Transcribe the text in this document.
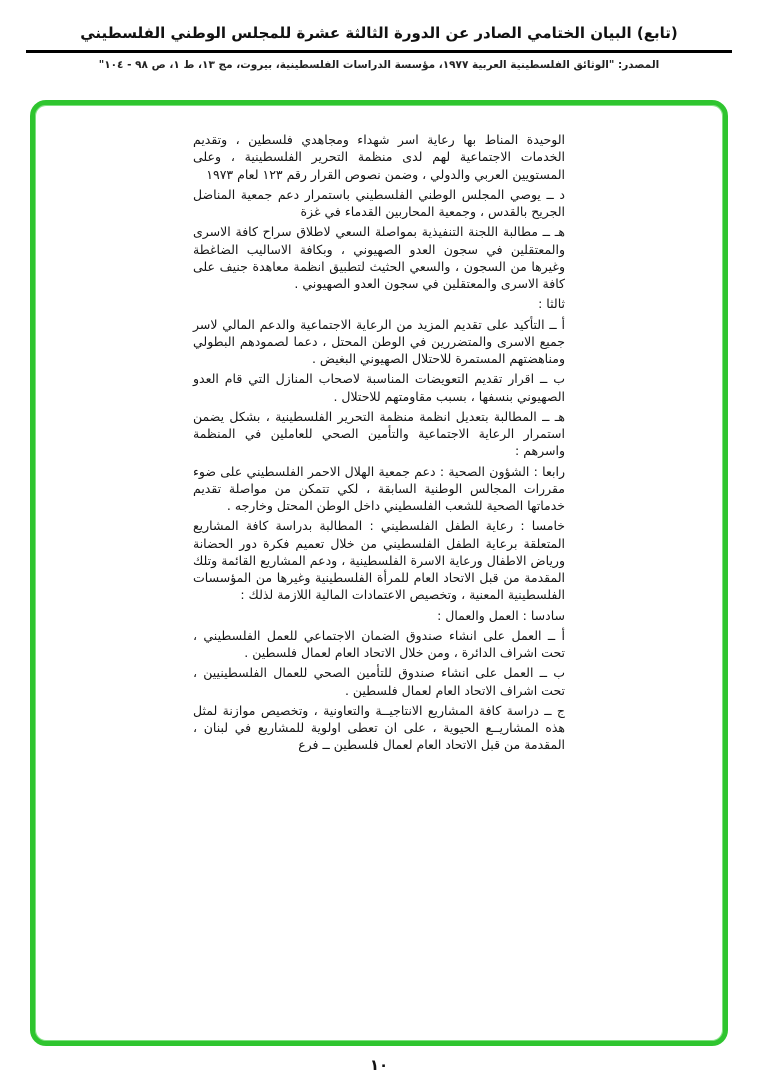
(تابع) البيان الختامي الصادر عن الدورة الثالثة عشرة للمجلس الوطني الفلسطيني
المصدر: "الوثائق الفلسطينية العربية ١٩٧٧، مؤسسة الدراسات الفلسطينية، بيروت، مج ١٣، ط ١، ص ٩٨ - ١٠٤"

الوحيدة المناط بها رعاية اسر شهداء ومجاهدي فلسطين ، وتقديم الخدمات الاجتماعية لهم لدى منظمة التحرير الفلسطينية ، وعلى المستويين العربي والدولي ، وضمن نصوص القرار رقم ١٢٣ لعام ١٩٧٣

د ــ يوصي المجلس الوطني الفلسطيني باستمرار دعم جمعية المناضل الجريح بالقدس ، وجمعية المحاربين القدماء في غزة

هـ ــ مطالبة اللجنة التنفيذية بمواصلة السعي لاطلاق سراح كافة الاسرى والمعتقلين في سجون العدو الصهيوني ، وبكافة الاساليب الضاغطة وغيرها من السجون ، والسعي الحثيث لتطبيق انظمة معاهدة جنيف على كافة الاسرى والمعتقلين في سجون العدو الصهيوني .

ثالثا :

أ ــ التأكيد على تقديم المزيد من الرعاية الاجتماعية والدعم المالي لاسر جميع الاسرى والمتضررين في الوطن المحتل ، دعما لصمودهم البطولي ومناهضتهم المستمرة للاحتلال الصهيوني البغيض .

ب ــ اقرار تقديم التعويضات المناسبة لاصحاب المنازل التي قام العدو الصهيوني بنسفها ، بسبب مقاومتهم للاحتلال .

هـ ــ المطالبة بتعديل انظمة منظمة التحرير الفلسطينية ، بشكل يضمن استمرار الرعاية الاجتماعية والتأمين الصحي للعاملين في المنظمة واسرهم :

رابعا : الشؤون الصحية : دعم جمعية الهلال الاحمر الفلسطيني على ضوء مقررات المجالس الوطنية السابقة ، لكي تتمكن من مواصلة تقديم خدماتها الصحية للشعب الفلسطيني داخل الوطن المحتل وخارجه .

خامسا : رعاية الطفل الفلسطيني : المطالبة بدراسة كافة المشاريع المتعلقة برعاية الطفل الفلسطيني من خلال تعميم فكرة دور الحضانة ورياض الاطفال ورعاية الاسرة الفلسطينية ، ودعم المشاريع القائمة وتلك المقدمة من قبل الاتحاد العام للمرأة الفلسطينية وغيرها من المؤسسات الفلسطينية المعنية ، وتخصيص الاعتمادات المالية اللازمة لذلك :

سادسا : العمل والعمال :

أ ــ العمل على انشاء صندوق الضمان الاجتماعي للعمل الفلسطيني ، تحت اشراف الدائرة ، ومن خلال الاتحاد العام لعمال فلسطين .

ب ــ العمل على انشاء صندوق للتأمين الصحي للعمال الفلسطينيين ، تحت اشراف الاتحاد العام لعمال فلسطين .

ج ــ دراسة كافة المشاريع الانتاجيــة والتعاونية ، وتخصيص موازنة لمثل هذه المشاريــع الحيوية ، على ان تعطى اولوية للمشاريع في لبنان ، المقدمة من قبل الاتحاد العام لعمال فلسطين ــ فرع

١٠
